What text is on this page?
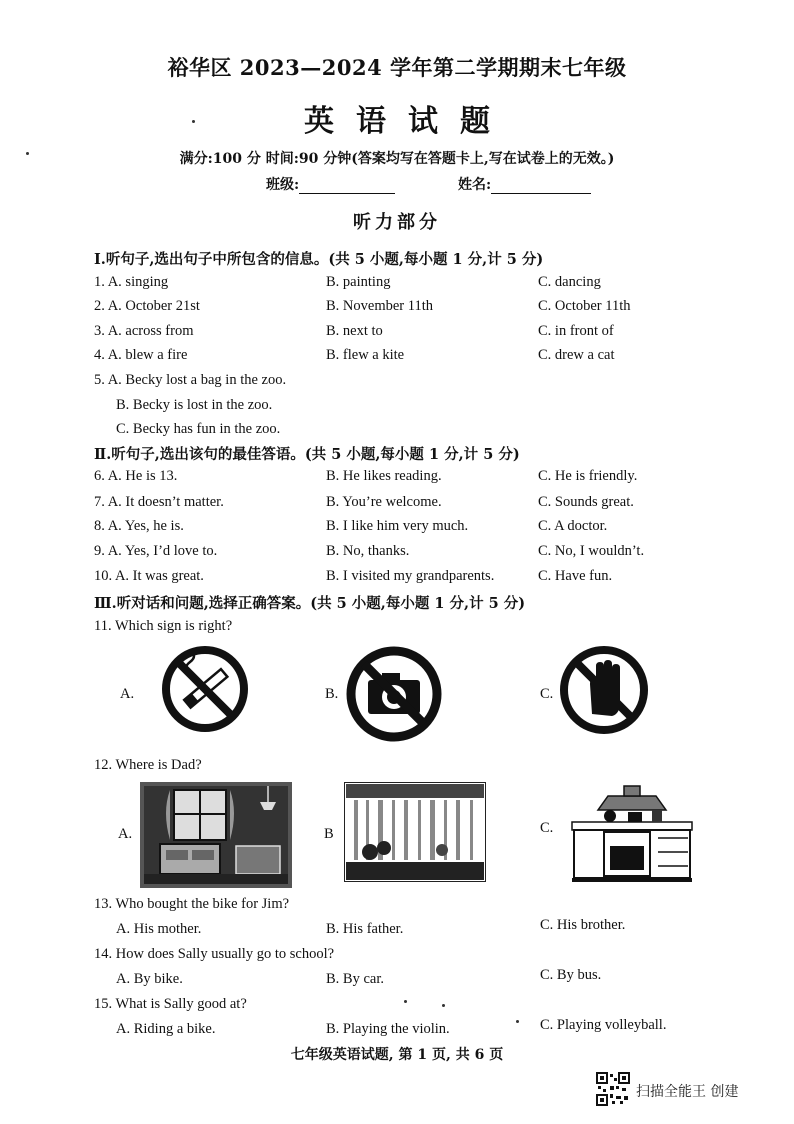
裕华区 2023—2024 学年第二学期期末七年级
英语试题
满分:100 分 时间:90 分钟(答案均写在答题卡上,写在试卷上的无效。)
班级:	姓名:
听力部分
Ⅰ.听句子,选出句子中所包含的信息。(共 5 小题,每小题 1 分,计 5 分)
1. A. singing	B. painting	C. dancing
2. A. October 21st	B. November 11th	C. October 11th
3. A. across from	B. next to	C. in front of
4. A. blew a fire	B. flew a kite	C. drew a cat
5. A. Becky lost a bag in the zoo.
B. Becky is lost in the zoo.
C. Becky has fun in the zoo.
Ⅱ.听句子,选出该句的最佳答语。(共 5 小题,每小题 1 分,计 5 分)
6. A. He is 13.	B. He likes reading.	C. He is friendly.
7. A. It doesn’t matter.	B. You’re welcome.	C. Sounds great.
8. A. Yes, he is.	B. I like him very much.	C. A doctor.
9. A. Yes, I’d love to.	B. No, thanks.	C. No, I wouldn’t.
10. A. It was great.	B. I visited my grandparents.	C. Have fun.
Ⅲ.听对话和问题,选择正确答案。(共 5 小题,每小题 1 分,计 5 分)
11. Which sign is right?
A.	B.	C.
12. Where is Dad?
A.	B	C.
13. Who bought the bike for Jim?
A. His mother.	B. His father.	C. His brother.
14. How does Sally usually go to school?
A. By bike.	B. By car.	C. By bus.
15. What is Sally good at?
A. Riding a bike.	B. Playing the violin.	C. Playing volleyball.
七年级英语试题, 第 1 页, 共 6 页
扫描全能王 创建
